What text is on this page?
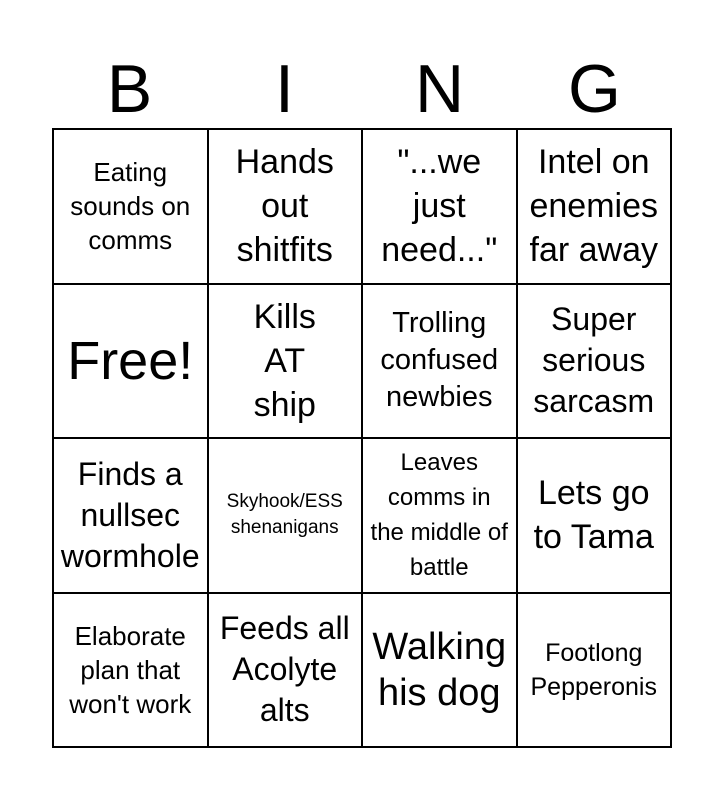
B	I	N	G
Eating sounds on comms
Hands out shitfits
"...we just need..."
Intel on enemies far away
Free!
Kills AT ship
Trolling confused newbies
Super serious sarcasm
Finds a nullsec wormhole
Skyhook/ESS shenanigans
Leaves comms in the middle of battle
Lets go to Tama
Elaborate plan that won't work
Feeds all Acolyte alts
Walking his dog
Footlong Pepperonis
